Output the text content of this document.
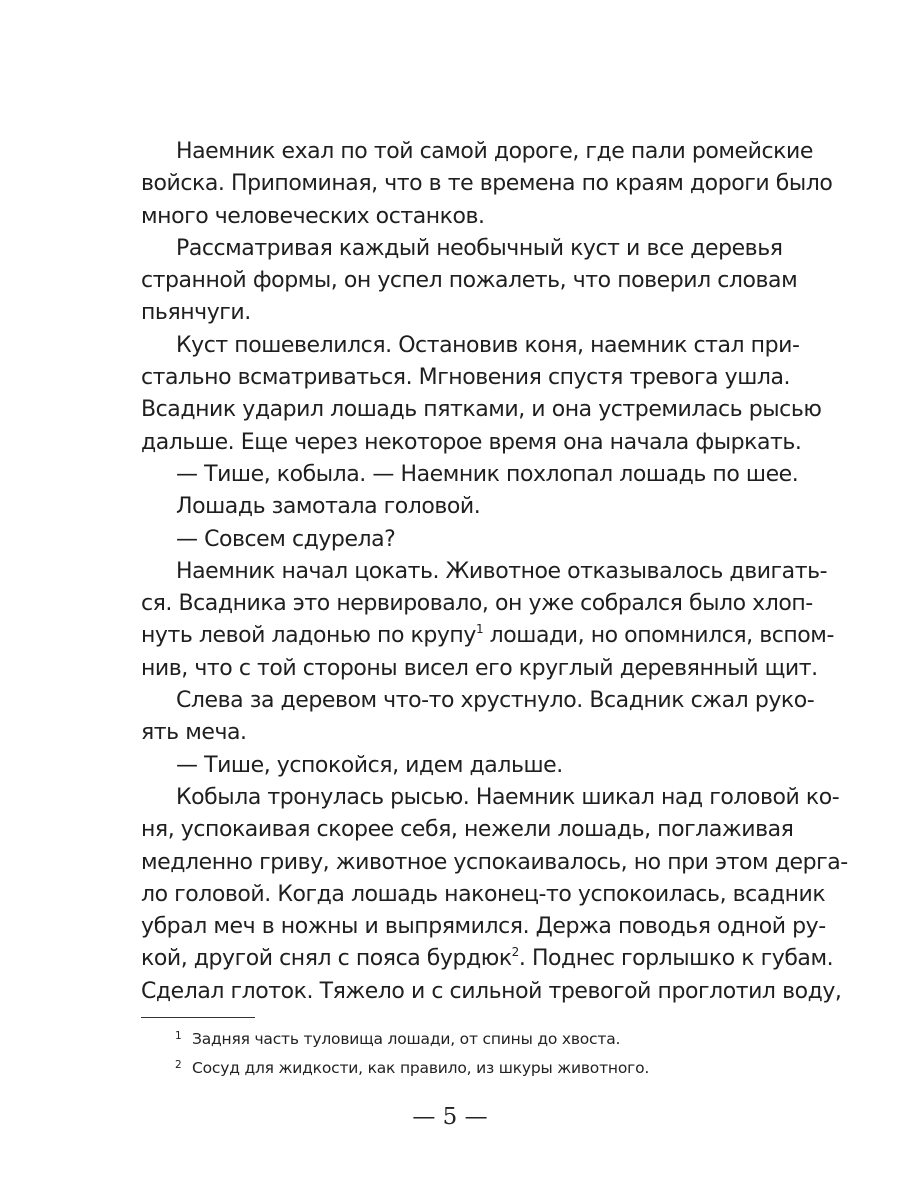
Наемник ехал по той самой дороге, где пали ромейские
войска. Припоминая, что в те времена по краям дороги было
много человеческих останков.
Рассматривая каждый необычный куст и все деревья
странной формы, он успел пожалеть, что поверил словам
пьянчуги.
Куст пошевелился. Остановив коня, наемник стал при-
стально всматриваться. Мгновения спустя тревога ушла.
Всадник ударил лошадь пятками, и она устремилась рысью
дальше. Еще через некоторое время она начала фыркать.
— Тише, кобыла. — Наемник похлопал лошадь по шее.
Лошадь замотала головой.
— Совсем сдурела?
Наемник начал цокать. Животное отказывалось двигать-
ся. Всадника это нервировало, он уже собрался было хлоп-
нуть левой ладонью по крупу$^1$ лошади, но опомнился, вспом-
нив, что с той стороны висел его круглый деревянный щит.
Слева за деревом что-то хрустнуло. Всадник сжал руко-
ять меча.
— Тише, успокойся, идем дальше.
Кобыла тронулась рысью. Наемник шикал над головой ко-
ня, успокаивая скорее себя, нежели лошадь, поглаживая
медленно гриву, животное успокаивалось, но при этом дерга-
ло головой. Когда лошадь наконец-то успокоилась, всадник
убрал меч в ножны и выпрямился. Держа поводья одной ру-
кой, другой снял с пояса бурдюк$^2$. Поднес горлышко к губам.
Сделал глоток. Тяжело и с сильной тревогой проглотил воду,
1 Задняя часть туловища лошади, от спины до хвоста.
2 Сосуд для жидкости, как правило, из шкуры животного.
— 5 —
